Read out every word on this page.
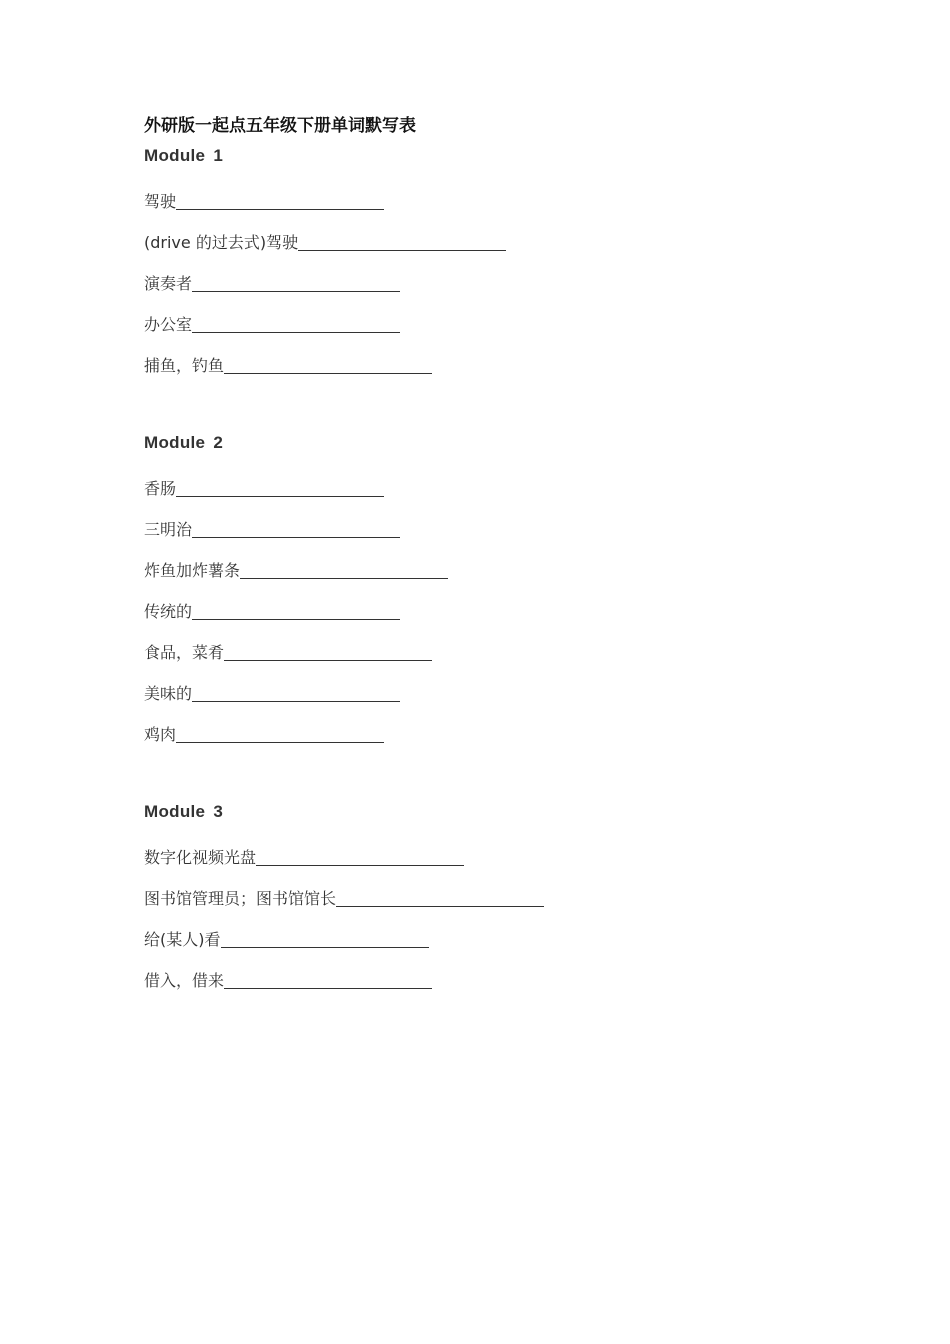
外研版一起点五年级下册单词默写表
Module 1
驾驶
(drive 的过去式)驾驶
演奏者
办公室
捕鱼，钓鱼
Module 2
香肠
三明治
炸鱼加炸薯条
传统的
食品，菜肴
美味的
鸡肉
Module 3
数字化视频光盘
图书馆管理员；图书馆馆长
给(某人)看
借入，借来
